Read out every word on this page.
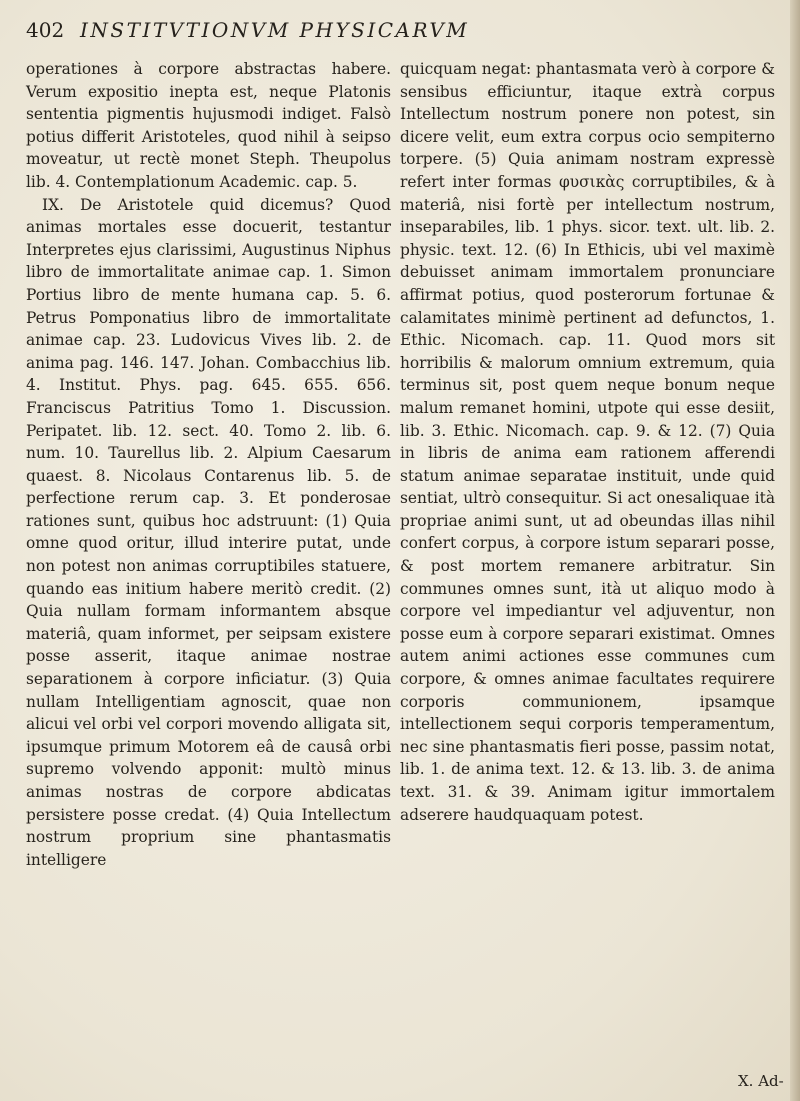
402 INSTITVTIONVM PHYSICARVM

operationes à corpore abstractas habere. Verum expositio inepta est, neque Platonis sententia pigmentis hujusmodi indiget. Falsò potius differit Aristoteles, quod nihil à seipso moveatur, ut rectè monet Steph. Theupolus lib. 4. Contemplationum Academic. cap. 5.

IX. De Aristotele quid dicemus? Quod animas mortales esse docuerit, testantur Interpretes ejus clarissimi, Augustinus Niphus libro de immortalitate animae cap. 1. Simon Portius libro de mente humana cap. 5. 6. Petrus Pomponatius libro de immortalitate animae cap. 23. Ludovicus Vives lib. 2. de anima pag. 146. 147. Johan. Combacchius lib. 4. Institut. Phys. pag. 645. 655. 656. Franciscus Patritius Tomo 1. Discussion. Peripatet. lib. 12. sect. 40. Tomo 2. lib. 6. num. 10. Taurellus lib. 2. Alpium Caesarum quaest. 8. Nicolaus Contarenus lib. 5. de perfectione rerum cap. 3. Et ponderosae rationes sunt, quibus hoc adstruunt: (1) Quia omne quod oritur, illud interire putat, unde non potest non animas corruptibiles statuere, quando eas initium habere meritò credit. (2) Quia nullam formam informantem absque materiâ, quam informet, per seipsam existere posse asserit, itaque animae nostrae separationem à corpore inficiatur. (3) Quia nullam Intelligentiam agnoscit, quae non alicui vel orbi vel corpori movendo alligata sit, ipsumque primum Motorem eâ de causâ orbi supremo volvendo apponit: multò minus animas nostras de corpore abdicatas persistere posse credat. (4) Quia Intellectum nostrum proprium sine phantasmatis intelligere

quicquam negat: phantasmata verò à corpore & sensibus efficiuntur, itaque extrà corpus Intellectum nostrum ponere non potest, sin dicere velit, eum extra corpus ocio sempiterno torpere. (5) Quia animam nostram expressè refert inter formas φυσικὰς corruptibiles, & à materiâ, nisi fortè per intellectum nostrum, inseparabiles, lib. 1 phys. sicor. text. ult. lib. 2. physic. text. 12. (6) In Ethicis, ubi vel maximè debuisset animam immortalem pronunciare affirmat potius, quod posterorum fortunae & calamitates minimè pertinent ad defunctos, 1. Ethic. Nicomach. cap. 11. Quod mors sit horribilis & malorum omnium extremum, quia terminus sit, post quem neque bonum neque malum remanet homini, utpote qui esse desiit, lib. 3. Ethic. Nicomach. cap. 9. & 12. (7) Quia in libris de anima eam rationem afferendi statum animae separatae instituit, unde quid sentiat, ultrò consequitur. Si act onesaliquae ità propriae animi sunt, ut ad obeundas illas nihil confert corpus, à corpore istum separari posse, & post mortem remanere arbitratur. Sin communes omnes sunt, ità ut aliquo modo à corpore vel impediantur vel adjuventur, non posse eum à corpore separari existimat. Omnes autem animi actiones esse communes cum corpore, & omnes animae facultates requirere corporis communionem, ipsamque intellectionem sequi corporis temperamentum, nec sine phantasmatis fieri posse, passim notat, lib. 1. de anima text. 12. & 13. lib. 3. de anima text. 31. & 39. Animam igitur immortalem adserere haudquaquam potest.

X. Ad-
